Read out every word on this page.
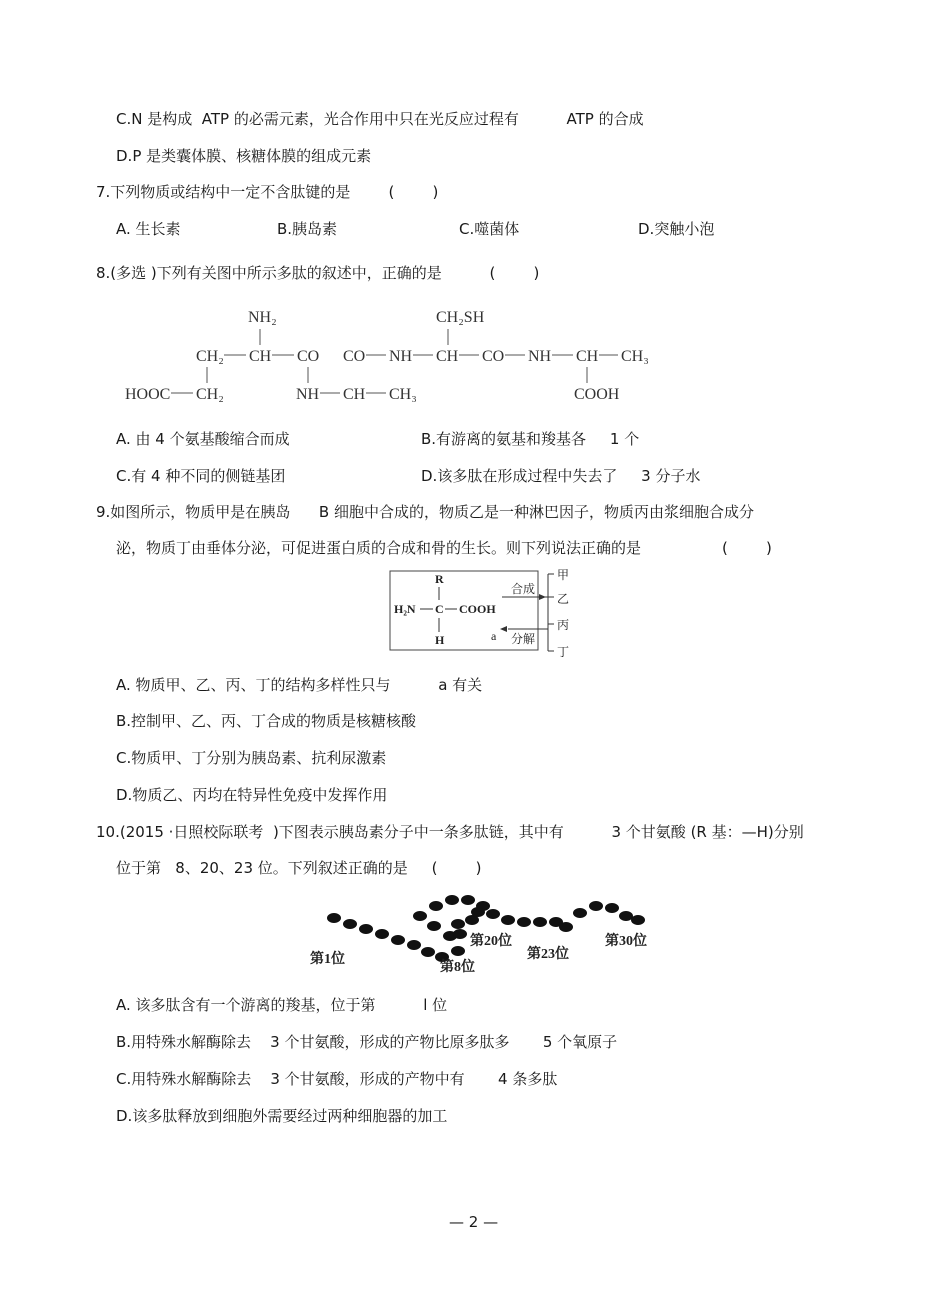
C.N 是构成  ATP 的必需元素，光合作用中只在光反应过程有          ATP 的合成
D.P 是类囊体膜、核糖体膜的组成元素
7.下列物质或结构中一定不含肽键的是        (        )
A. 生长素	B.胰岛素	C.噬菌体	D.突触小泡
8.(多选 )下列有关图中所示多肽的叙述中，正确的是          (        )
NH₂	CH₂SH
CH₂ CH CO CO NH CH CO NH CH CH₃
HOOC CH₂	NH CH CH₃	COOH
A. 由 4 个氨基酸缩合而成	B.有游离的氨基和羧基各     1 个
C.有 4 种不同的侧链基团	D.该多肽在形成过程中失去了     3 分子水
9.如图所示，物质甲是在胰岛      B 细胞中合成的，物质乙是一种淋巴因子，物质丙由浆细胞合成分
泌，物质丁由垂体分泌，可促进蛋白质的合成和骨的生长。则下列说法正确的是                 (        )
R
H₂N C COOH
H	a
合成
分解
甲
乙
丙
丁
A. 物质甲、乙、丙、丁的结构多样性只与          a 有关
B.控制甲、乙、丙、丁合成的物质是核糖核酸
C.物质甲、丁分别为胰岛素、抗利尿激素
D.物质乙、丙均在特异性免疫中发挥作用
10.(2015 ·日照校际联考  )下图表示胰岛素分子中一条多肽链，其中有          3 个甘氨酸 (R 基：—H)分别
位于第   8、20、23 位。下列叙述正确的是     (        )
第1位
第8位
第20位
第23位
第30位
A. 该多肽含有一个游离的羧基，位于第          l 位
B.用特殊水解酶除去    3 个甘氨酸，形成的产物比原多肽多       5 个氧原子
C.用特殊水解酶除去    3 个甘氨酸，形成的产物中有       4 条多肽
D.该多肽释放到细胞外需要经过两种细胞器的加工
— 2 —
